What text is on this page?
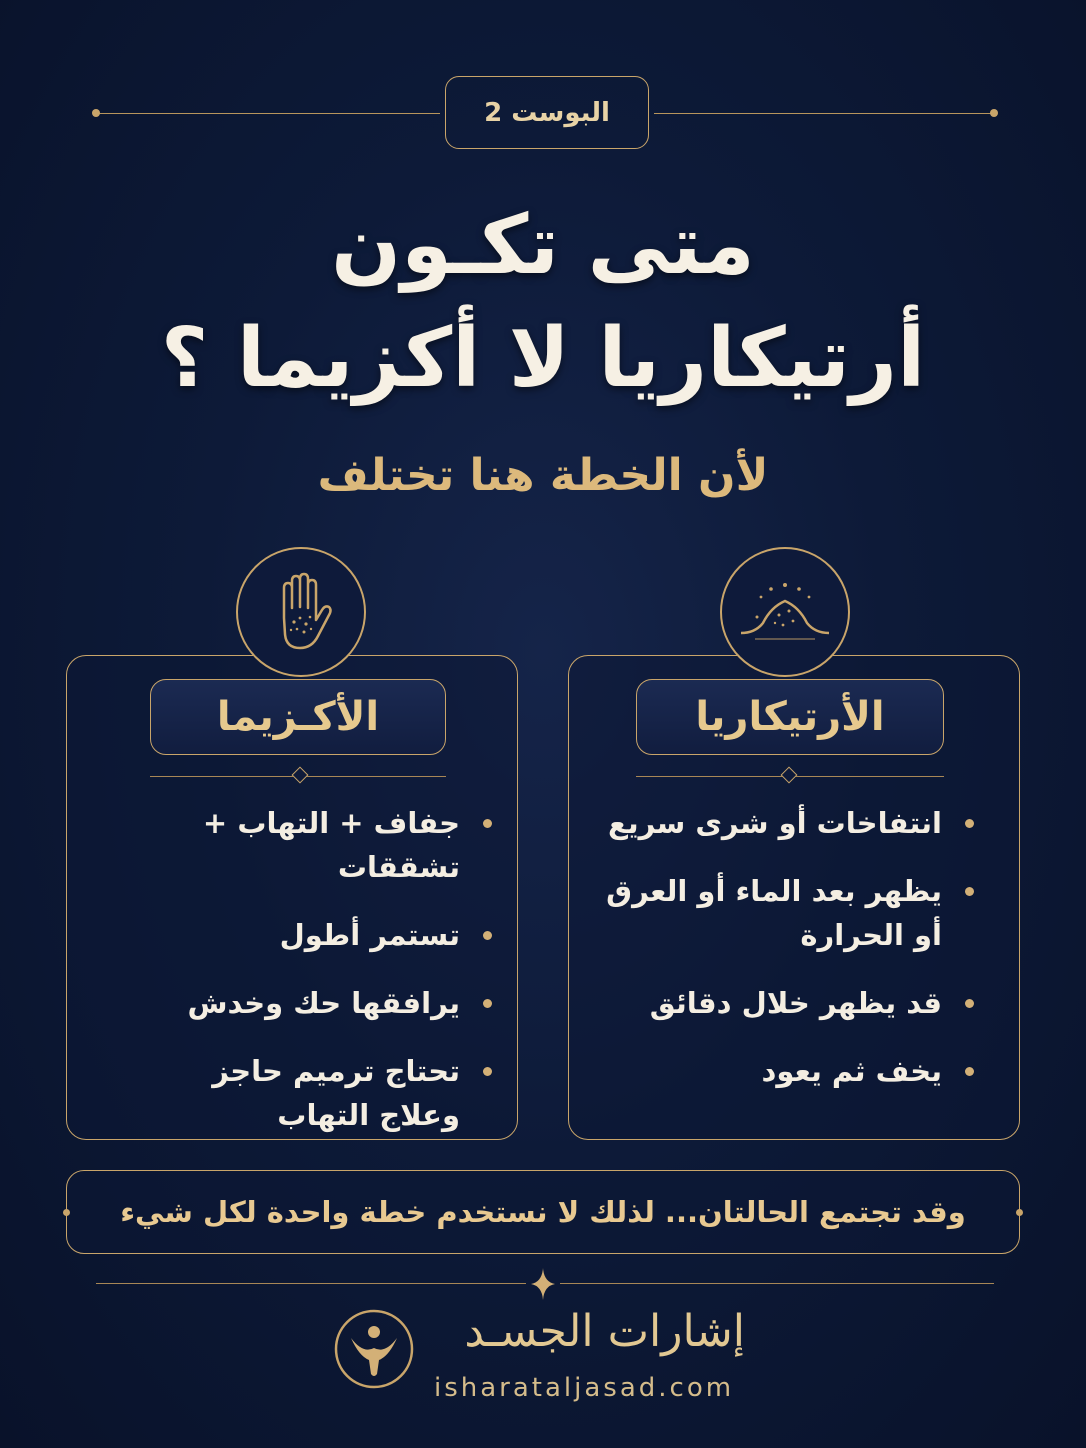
البوست 2
متى تكـون
أرتيكاريا لا أكزيما ؟
لأن الخطة هنا تختلف
الأكـزيما
جفاف + التهاب + تشققات
تستمر أطول
يرافقها حك وخدش
تحتاج ترميم حاجز
وعلاج التهاب
الأرتيكاريا
انتفاخات أو شرى سريع
يظهر بعد الماء أو العرق
أو الحرارة
قد يظهر خلال دقائق
يخف ثم يعود
وقد تجتمع الحالتان... لذلك لا نستخدم خطة واحدة لكل شيء
إشارات الجسـد
isharataljasad.com
